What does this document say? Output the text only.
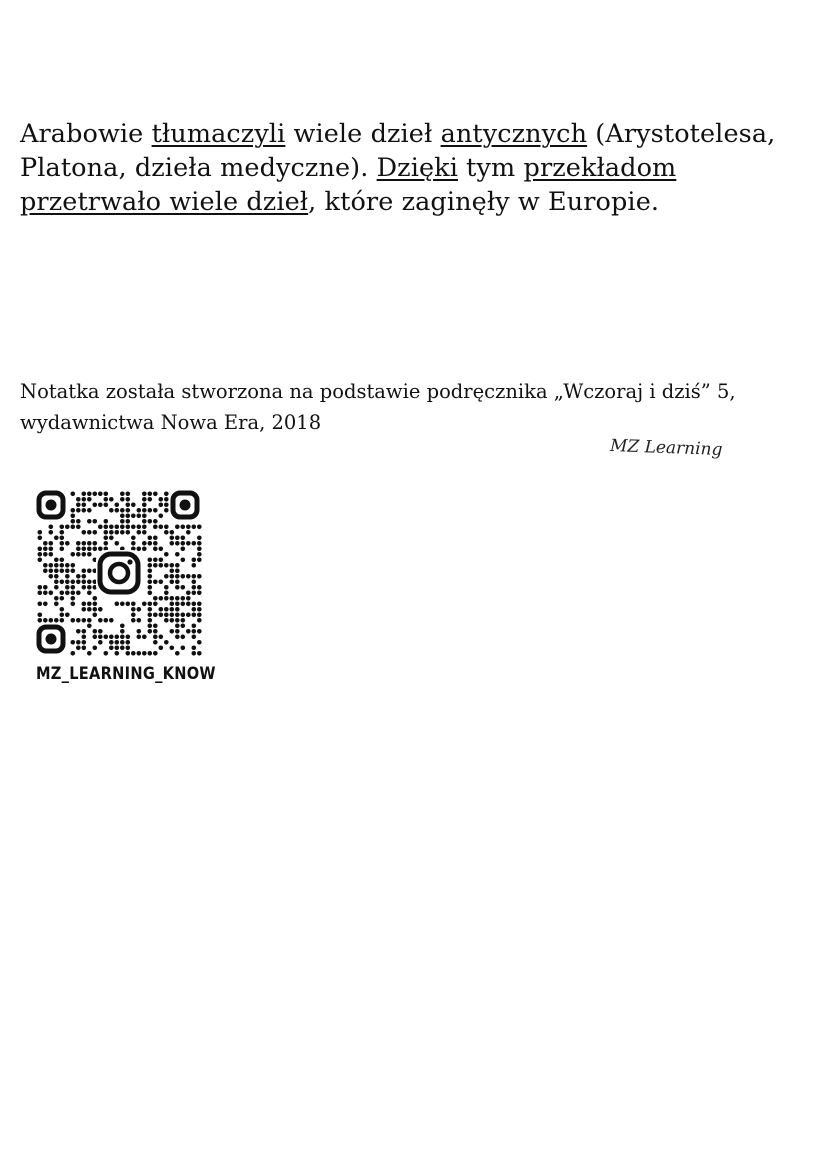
Arabowie tłumaczyli wiele dzieł antycznych (Arystotelesa, Platona, dzieła medyczne). Dzięki tym przekładom
przetrwało wiele dzieł, które zaginęły w Europie.
Notatka została stworzona na podstawie podręcznika „Wczoraj i dziś” 5,
wydawnictwa Nowa Era, 2018
MZ Learning
MZ_LEARNING_KNOW
